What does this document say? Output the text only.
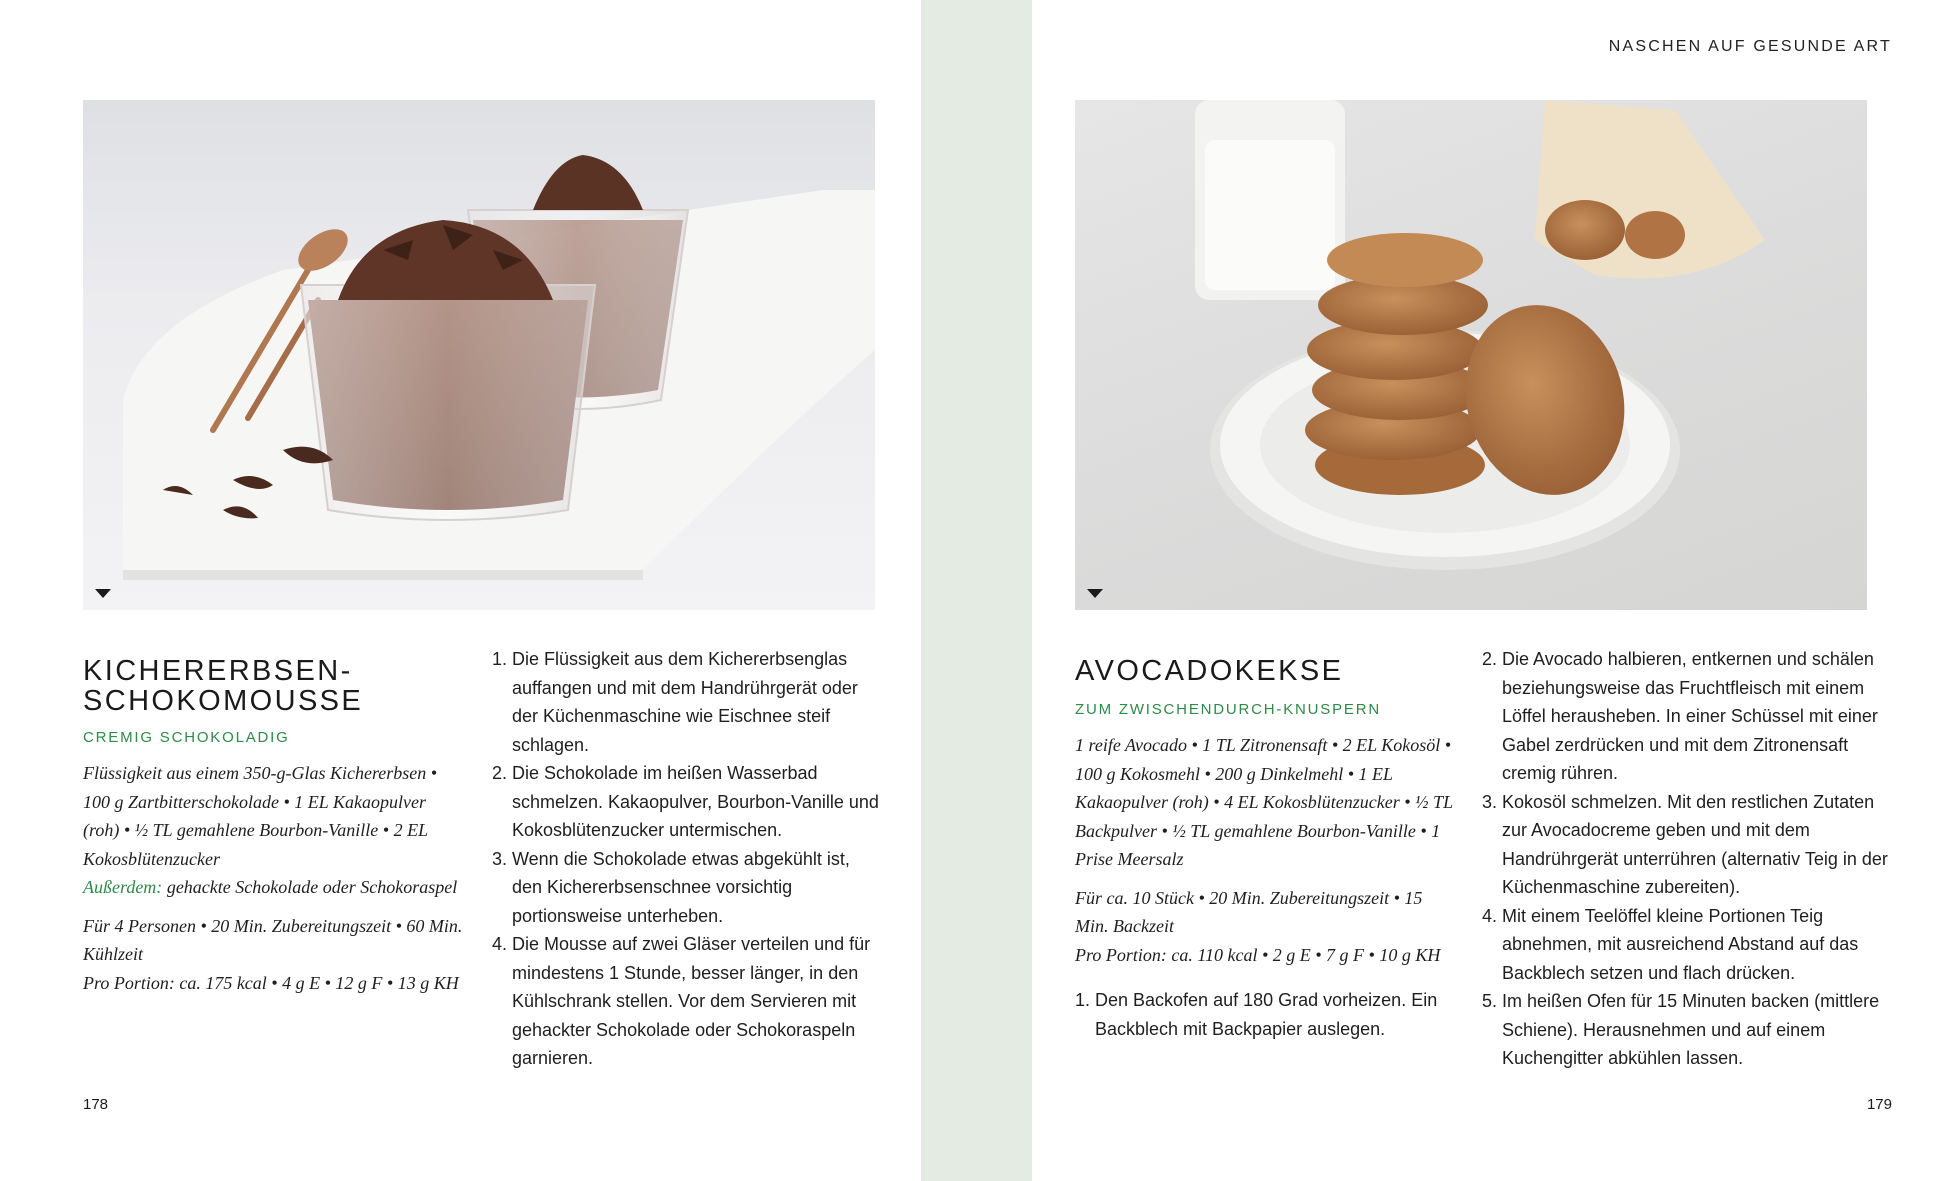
KICHERERBSEN-
SCHOKOMOUSSE
CREMIG SCHOKOLADIG

Flüssigkeit aus einem 350-g-Glas Kichererbsen • 100 g Zartbitterschokolade • 1 EL Kakaopulver (roh) • ½ TL gemahlene Bourbon-Vanille • 2 EL Kokosblütenzucker

Außerdem: gehackte Schokolade oder Schokoraspel

Für 4 Personen • 20 Min. Zubereitungszeit • 60 Min. Kühlzeit

Pro Portion: ca. 175 kcal • 4 g E • 12 g F • 13 g KH

1. Die Flüssigkeit aus dem Kichererbsenglas auffangen und mit dem Handrührgerät oder der Küchenmaschine wie Eischnee steif schlagen.
2. Die Schokolade im heißen Wasserbad schmelzen. Kakaopulver, Bourbon-Vanille und Kokosblütenzucker untermischen.
3. Wenn die Schokolade etwas abgekühlt ist, den Kichererbsenschnee vorsichtig portionsweise unterheben.
4. Die Mousse auf zwei Gläser verteilen und für mindestens 1 Stunde, besser länger, in den Kühlschrank stellen. Vor dem Servieren mit gehackter Schokolade oder Schokoraspeln garnieren.
178
NASCHEN AUF GESUNDE ART
AVOCADOKEKSE
ZUM ZWISCHENDURCH-KNUSPERN

1 reife Avocado • 1 TL Zitronensaft • 2 EL Kokosöl • 100 g Kokosmehl • 200 g Dinkelmehl • 1 EL Kakaopulver (roh) • 4 EL Kokosblütenzucker • ½ TL Backpulver • ½ TL gemahlene Bourbon-Vanille • 1 Prise Meersalz

Für ca. 10 Stück • 20 Min. Zubereitungszeit • 15 Min. Backzeit

Pro Portion: ca. 110 kcal • 2 g E • 7 g F • 10 g KH

1. Den Backofen auf 180 Grad vorheizen. Ein Backblech mit Backpapier auslegen.
2. Die Avocado halbieren, entkernen und schälen beziehungsweise das Fruchtfleisch mit einem Löffel herausheben. In einer Schüssel mit einer Gabel zerdrücken und mit dem Zitronensaft cremig rühren.
3. Kokosöl schmelzen. Mit den restlichen Zutaten zur Avocadocreme geben und mit dem Handrührgerät unterrühren (alternativ Teig in der Küchenmaschine zubereiten).
4. Mit einem Teelöffel kleine Portionen Teig abnehmen, mit ausreichend Abstand auf das Backblech setzen und flach drücken.
5. Im heißen Ofen für 15 Minuten backen (mittlere Schiene). Herausnehmen und auf einem Kuchengitter abkühlen lassen.
179
